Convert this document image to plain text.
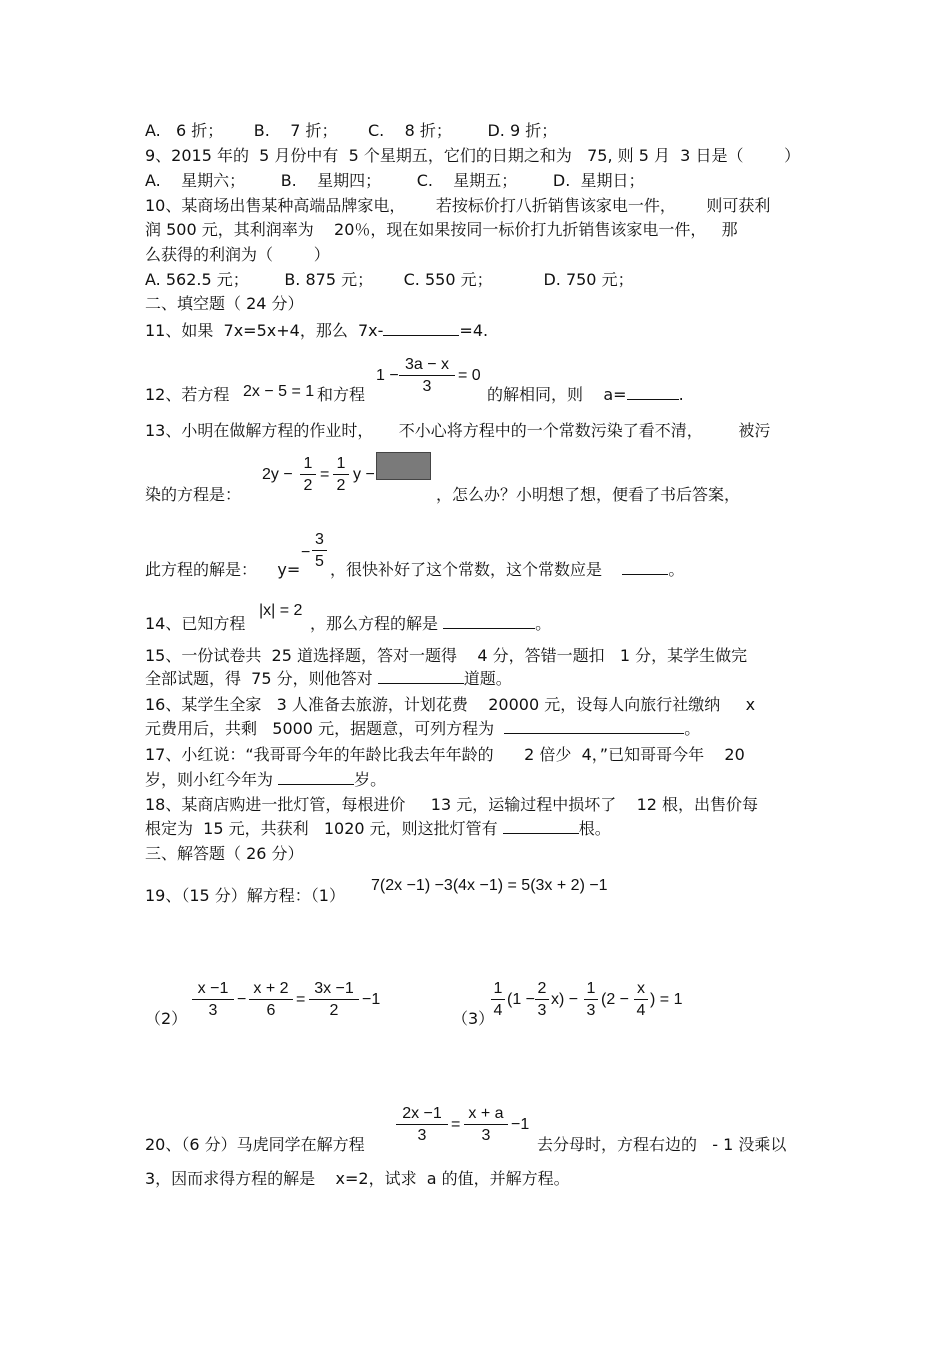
A.   6 折；      B.    7 折；      C.    8 折；       D. 9 折；
9、2015 年的  5 月份中有  5 个星期五，它们的日期之和为   75, 则 5 月  3 日是（        ）
A.    星期六；       B.    星期四；       C.    星期五；       D.  星期日；
10、某商场出售某种高端品牌家电，      若按标价打八折销售该家电一件，      则可获利
润 500 元，其利润率为    20％，现在如果按同一标价打九折销售该家电一件，   那
么获得的利润为（        ）
A. 562.5 元；       B. 875 元；      C. 550 元；          D. 750 元；
二、填空题（ 24 分）
11、如果  7x=5x+4，那么  7x-	=4.
12、若方程 2x − 5 = 1 和方程
$1 - \frac{3a - x}{3} = 0$
的解相同，则    a=	.
13、小明在做解方程的作业时，     不小心将方程中的一个常数污染了看不清，       被污
$2y - \frac{1}{2} = \frac{1}{2}$ y −
染的方程是：	，怎么办？小明想了想，便看了书后答案，
此方程的解是：    y=
− $\frac{3}{5}$ ，很快补好了这个常数，这个常数应是	。
14、已知方程
|x| = 2
，那么方程的解是	。
15、一份试卷共  25 道选择题，答对一题得    4 分，答错一题扣   1 分，某学生做完
全部试题，得  75 分，则他答对	道题。
16、某学生全家   3 人准备去旅游，计划花费    20000 元，设每人向旅行社缴纳     x
元费用后，共剩   5000 元，据题意，可列方程为	。
17、小红说：“我哥哥今年的年龄比我去年年龄的      2 倍少  4，”已知哥哥今年    20
岁，则小红今年为	岁。
18、某商店购进一批灯管，每根进价     13 元，运输过程中损坏了    12 根，出售价每
根定为  15 元，共获利   1020 元，则这批灯管有	根。
三、解答题（ 26 分）
19、（15 分）解方程：（1）
7(2x −1) −3(4x −1) = 5(3x + 2) −1
$(2) \frac{x -1}{3} - \frac{x + 2}{6} = \frac{3x -1}{2} -1$
（3）
$\frac{1}{4} (1 - \frac{2}{3} x) - \frac{1}{3} (2 - \frac{x}{4}$ ) = 1
20、（6 分）马虎同学在解方程 $\frac{2x -1}{3} = \frac{x + a}{3} -1$
去分母时，方程右边的   - 1 没乘以
3，因而求得方程的解是    x=2，试求  a 的值，并解方程。
